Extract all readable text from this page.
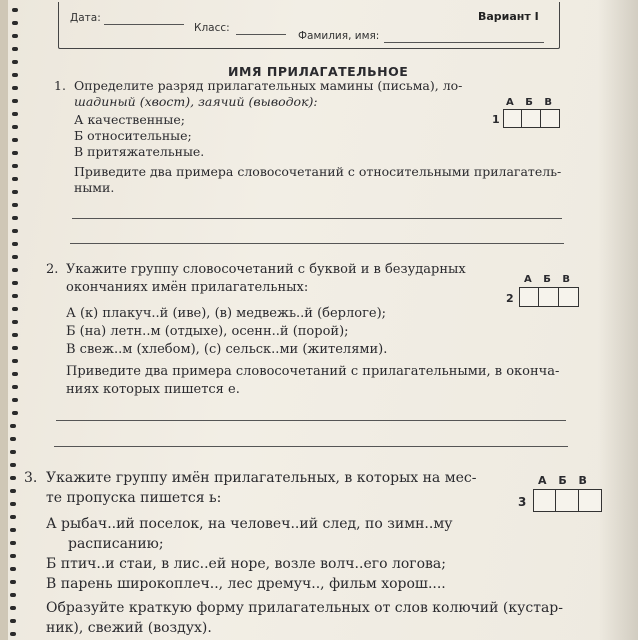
Дата:
Класс:
Фамилия, имя:
Вариант I
ИМЯ ПРИЛАГАТЕЛЬНОЕ
1. Определите разряд прилагательных мамины (письма), ло-
шадиный (хвост), заячий (выводок):	А Б В
1
А качественные;
Б относительные;
В притяжательные.
Приведите два примера словосочетаний с относительными прилагатель-
ными.
2. Укажите группу словосочетаний с буквой и в безударных
окончаниях имён прилагательных:
А Б В
2
А (к) плакуч..й (иве), (в) медвежь..й (берлоге);
Б (на) летн..м (отдыхе), осенн..й (порой);
В свеж..м (хлебом), (с) сельск..ми (жителями).
Приведите два примера словосочетаний с прилагательными, в оконча-
ниях которых пишется е.
3. Укажите группу имён прилагательных, в которых на мес-
те пропуска пишется ь:
А Б В
3
А рыбач..ий поселок, на человеч..ий след, по зимн..му
расписанию;
Б птич..и стаи, в лис..ей норе, возле волч..его логова;
В парень широкоплеч.., лес дремуч.., фильм хорош....
Образуйте краткую форму прилагательных от слов колючий (кустар-
ник), свежий (воздух).
